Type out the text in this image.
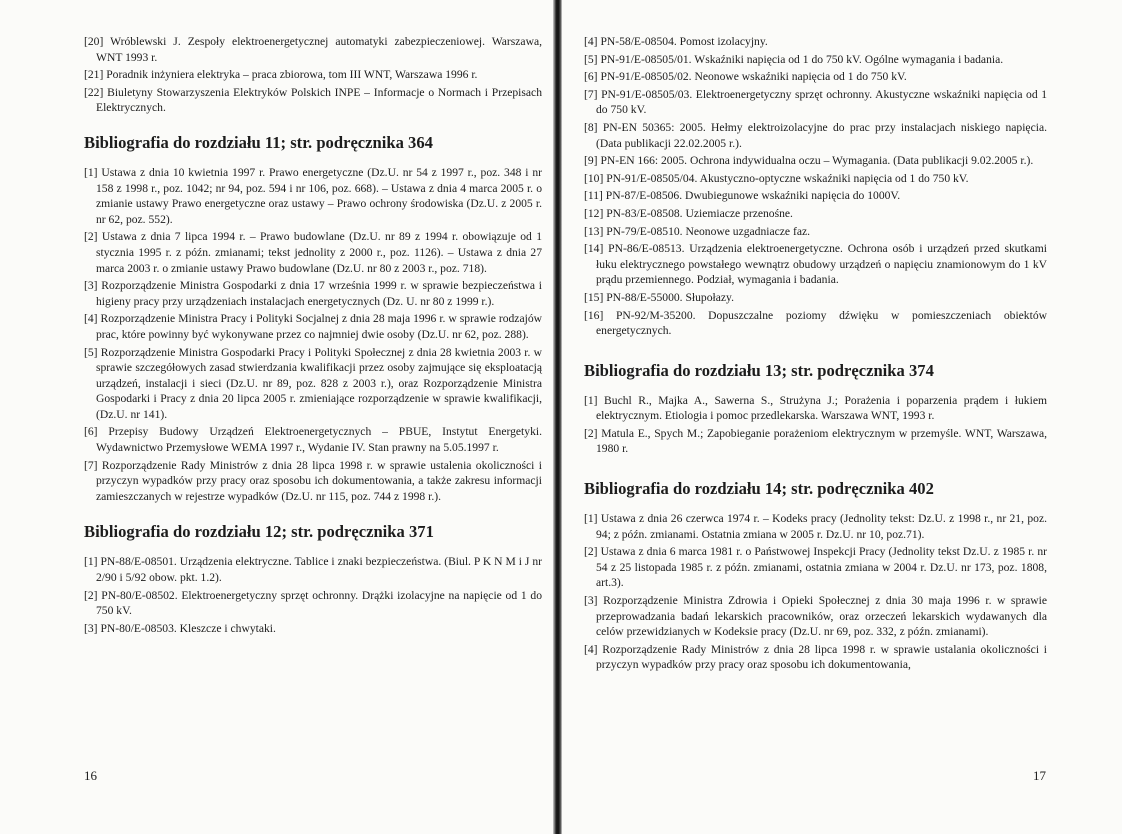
[20] Wróblewski J. Zespoły elektroenergetycznej automatyki zabezpieczeniowej. Warszawa, WNT 1993 r.

[21] Poradnik inżyniera elektryka – praca zbiorowa, tom III WNT, Warszawa 1996 r.

[22] Biuletyny Stowarzyszenia Elektryków Polskich INPE – Informacje o Normach i Przepisach Elektrycznych.

Bibliografia do rozdziału 11; str. podręcznika 364

[1] Ustawa z dnia 10 kwietnia 1997 r. Prawo energetyczne (Dz.U. nr 54 z 1997 r., poz. 348 i nr 158 z 1998 r., poz. 1042; nr 94, poz. 594 i nr 106, poz. 668). – Ustawa z dnia 4 marca 2005 r. o zmianie ustawy Prawo energetyczne oraz ustawy – Prawo ochrony środowiska (Dz.U. z 2005 r. nr 62, poz. 552).

[2] Ustawa z dnia 7 lipca 1994 r. – Prawo budowlane (Dz.U. nr 89 z 1994 r. obowiązuje od 1 stycznia 1995 r. z późn. zmianami; tekst jednolity z 2000 r., poz. 1126). – Ustawa z dnia 27 marca 2003 r. o zmianie ustawy Prawo budowlane (Dz.U. nr 80 z 2003 r., poz. 718).

[3] Rozporządzenie Ministra Gospodarki z dnia 17 września 1999 r. w sprawie bezpieczeństwa i higieny pracy przy urządzeniach instalacjach energetycznych (Dz. U. nr 80 z 1999 r.).

[4] Rozporządzenie Ministra Pracy i Polityki Socjalnej z dnia 28 maja 1996 r. w sprawie rodzajów prac, które powinny być wykonywane przez co najmniej dwie osoby (Dz.U. nr 62, poz. 288).

[5] Rozporządzenie Ministra Gospodarki Pracy i Polityki Społecznej z dnia 28 kwietnia 2003 r. w sprawie szczegółowych zasad stwierdzania kwalifikacji przez osoby zajmujące się eksploatacją urządzeń, instalacji i sieci (Dz.U. nr 89, poz. 828 z 2003 r.), oraz Rozporządzenie Ministra Gospodarki i Pracy z dnia 20 lipca 2005 r. zmieniające rozporządzenie w sprawie kwalifikacji, (Dz.U. nr 141).

[6] Przepisy Budowy Urządzeń Elektroenergetycznych – PBUE, Instytut Energetyki. Wydawnictwo Przemysłowe WEMA 1997 r., Wydanie IV. Stan prawny na 5.05.1997 r.

[7] Rozporządzenie Rady Ministrów z dnia 28 lipca 1998 r. w sprawie ustalenia okoliczności i przyczyn wypadków przy pracy oraz sposobu ich dokumentowania, a także zakresu informacji zamieszczanych w rejestrze wypadków (Dz.U. nr 115, poz. 744 z 1998 r.).

Bibliografia do rozdziału 12; str. podręcznika 371

[1] PN-88/E-08501. Urządzenia elektryczne. Tablice i znaki bezpieczeństwa. (Biul. P K N M i J nr 2/90 i 5/92 obow. pkt. 1.2).

[2] PN-80/E-08502. Elektroenergetyczny sprzęt ochronny. Drążki izolacyjne na napięcie od 1 do 750 kV.

[3] PN-80/E-08503. Kleszcze i chwytaki.

16

[4] PN-58/E-08504. Pomost izolacyjny.

[5] PN-91/E-08505/01. Wskaźniki napięcia od 1 do 750 kV. Ogólne wymagania i badania.

[6] PN-91/E-08505/02. Neonowe wskaźniki napięcia od 1 do 750 kV.

[7] PN-91/E-08505/03. Elektroenergetyczny sprzęt ochronny. Akustyczne wskaźniki napięcia od 1 do 750 kV.

[8] PN-EN 50365: 2005. Hełmy elektroizolacyjne do prac przy instalacjach niskiego napięcia. (Data publikacji 22.02.2005 r.).

[9] PN-EN 166: 2005. Ochrona indywidualna oczu – Wymagania. (Data publikacji 9.02.2005 r.).

[10] PN-91/E-08505/04. Akustyczno-optyczne wskaźniki napięcia od 1 do 750 kV.

[11] PN-87/E-08506. Dwubiegunowe wskaźniki napięcia do 1000V.

[12] PN-83/E-08508. Uziemiacze przenośne.

[13] PN-79/E-08510. Neonowe uzgadniacze faz.

[14] PN-86/E-08513. Urządzenia elektroenergetyczne. Ochrona osób i urządzeń przed skutkami łuku elektrycznego powstałego wewnątrz obudowy urządzeń o napięciu znamionowym do 1 kV prądu przemiennego. Podział, wymagania i badania.

[15] PN-88/E-55000. Słupołazy.

[16] PN-92/M-35200. Dopuszczalne poziomy dźwięku w pomieszczeniach obiektów energetycznych.

Bibliografia do rozdziału 13; str. podręcznika 374

[1] Buchl R., Majka A., Sawerna S., Strużyna J.; Porażenia i poparzenia prądem i łukiem elektrycznym. Etiologia i pomoc przedlekarska. Warszawa WNT, 1993 r.

[2] Matula E., Spych M.; Zapobieganie porażeniom elektrycznym w przemyśle. WNT, Warszawa, 1980 r.

Bibliografia do rozdziału 14; str. podręcznika 402

[1] Ustawa z dnia 26 czerwca 1974 r. – Kodeks pracy (Jednolity tekst: Dz.U. z 1998 r., nr 21, poz. 94; z późn. zmianami. Ostatnia zmiana w 2005 r. Dz.U. nr 10, poz.71).

[2] Ustawa z dnia 6 marca 1981 r. o Państwowej Inspekcji Pracy (Jednolity tekst Dz.U. z 1985 r. nr 54 z 25 listopada 1985 r. z późn. zmianami, ostatnia zmiana w 2004 r. Dz.U. nr 173, poz. 1808, art.3).

[3] Rozporządzenie Ministra Zdrowia i Opieki Społecznej z dnia 30 maja 1996 r. w sprawie przeprowadzania badań lekarskich pracowników, oraz orzeczeń lekarskich wydawanych dla celów przewidzianych w Kodeksie pracy (Dz.U. nr 69, poz. 332, z późn. zmianami).

[4] Rozporządzenie Rady Ministrów z dnia 28 lipca 1998 r. w sprawie ustalania okoliczności i przyczyn wypadków przy pracy oraz sposobu ich dokumentowania,

17
